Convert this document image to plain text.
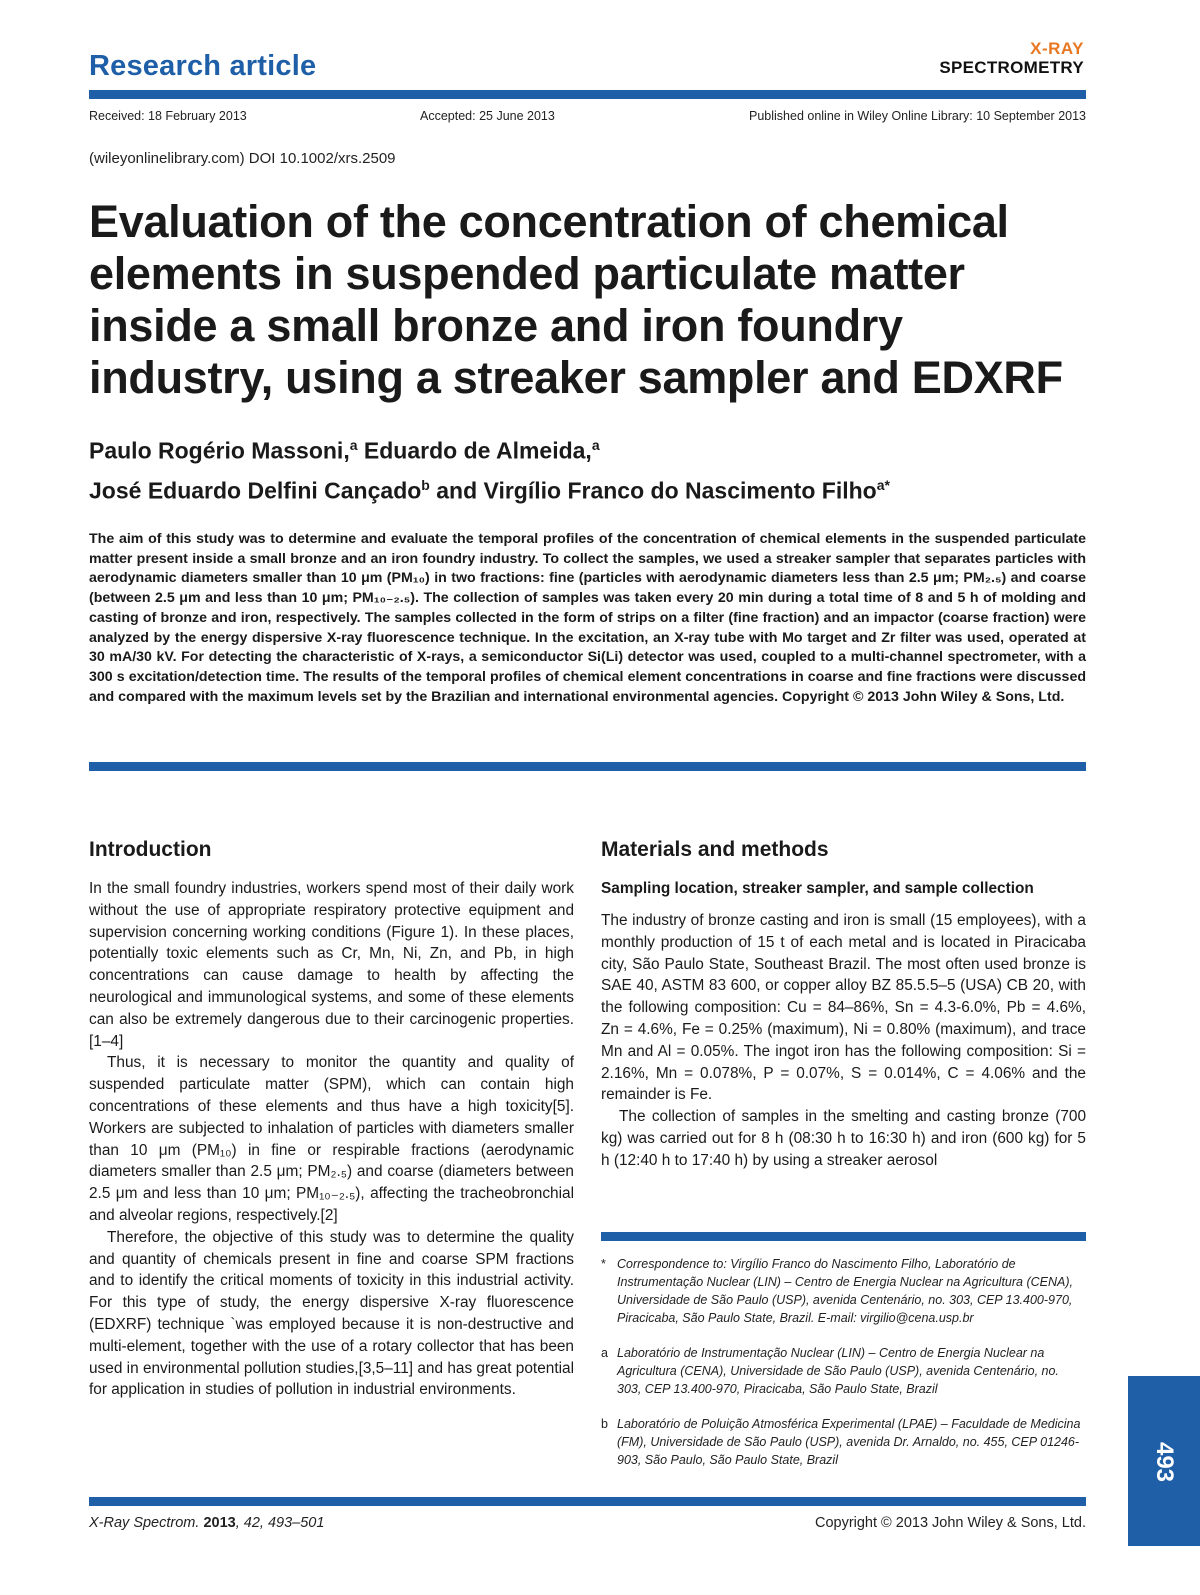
Research article
X-RAY
SPECTROMETRY
Received: 18 February 2013	Accepted: 25 June 2013	Published online in Wiley Online Library: 10 September 2013
(wileyonlinelibrary.com) DOI 10.1002/xrs.2509
Evaluation of the concentration of chemical elements in suspended particulate matter inside a small bronze and iron foundry industry, using a streaker sampler and EDXRF
Paulo Rogério Massoni,$^a$ Eduardo de Almeida,$^a$
José Eduardo Delfini Cançado$^b$ and Virgílio Franco do Nascimento Filho$^{a*}$
The aim of this study was to determine and evaluate the temporal profiles of the concentration of chemical elements in the suspended particulate matter present inside a small bronze and an iron foundry industry. To collect the samples, we used a streaker sampler that separates particles with aerodynamic diameters smaller than 10 μm (PM₁₀) in two fractions: fine (particles with aerodynamic diameters less than 2.5 μm; PM₂.₅) and coarse (between 2.5 μm and less than 10 μm; PM₁₀₋₂.₅). The collection of samples was taken every 20 min during a total time of 8 and 5 h of molding and casting of bronze and iron, respectively. The samples collected in the form of strips on a filter (fine fraction) and an impactor (coarse fraction) were analyzed by the energy dispersive X-ray fluorescence technique. In the excitation, an X-ray tube with Mo target and Zr filter was used, operated at 30 mA/30 kV. For detecting the characteristic of X-rays, a semiconductor Si(Li) detector was used, coupled to a multi-channel spectrometer, with a 300 s excitation/detection time. The results of the temporal profiles of chemical element concentrations in coarse and fine fractions were discussed and compared with the maximum levels set by the Brazilian and international environmental agencies. Copyright © 2013 John Wiley & Sons, Ltd.
Introduction

In the small foundry industries, workers spend most of their daily work without the use of appropriate respiratory protective equipment and supervision concerning working conditions (Figure 1). In these places, potentially toxic elements such as Cr, Mn, Ni, Zn, and Pb, in high concentrations can cause damage to health by affecting the neurological and immunological systems, and some of these elements can also be extremely dangerous due to their carcinogenic properties.[1–4]

Thus, it is necessary to monitor the quantity and quality of suspended particulate matter (SPM), which can contain high concentrations of these elements and thus have a high toxicity[5]. Workers are subjected to inhalation of particles with diameters smaller than 10 μm (PM₁₀) in fine or respirable fractions (aerodynamic diameters smaller than 2.5 μm; PM₂.₅) and coarse (diameters between 2.5 μm and less than 10 μm; PM₁₀₋₂.₅), affecting the tracheobronchial and alveolar regions, respectively.[2]

Therefore, the objective of this study was to determine the quality and quantity of chemicals present in fine and coarse SPM fractions and to identify the critical moments of toxicity in this industrial activity. For this type of study, the energy dispersive X-ray fluorescence (EDXRF) technique `was employed because it is non-destructive and multi-element, together with the use of a rotary collector that has been used in environmental pollution studies,[3,5–11] and has great potential for application in studies of pollution in industrial environments.

Materials and methods
Sampling location, streaker sampler, and sample collection

The industry of bronze casting and iron is small (15 employees), with a monthly production of 15 t of each metal and is located in Piracicaba city, São Paulo State, Southeast Brazil. The most often used bronze is SAE 40, ASTM 83 600, or copper alloy BZ 85.5.5–5 (USA) CB 20, with the following composition: Cu = 84–86%, Sn = 4.3-6.0%, Pb = 4.6%, Zn = 4.6%, Fe = 0.25% (maximum), Ni = 0.80% (maximum), and trace Mn and Al = 0.05%. The ingot iron has the following composition: Si = 2.16%, Mn = 0.078%, P = 0.07%, S = 0.014%, C = 4.06% and the remainder is Fe.

The collection of samples in the smelting and casting bronze (700 kg) was carried out for 8 h (08:30 h to 16:30 h) and iron (600 kg) for 5 h (12:40 h to 17:40 h) by using a streaker aerosol

* Correspondence to: Virgílio Franco do Nascimento Filho, Laboratório de Instrumentação Nuclear (LIN) – Centro de Energia Nuclear na Agricultura (CENA), Universidade de São Paulo (USP), avenida Centenário, no. 303, CEP 13.400-970, Piracicaba, São Paulo State, Brazil. E-mail: virgilio@cena.usp.br
a Laboratório de Instrumentação Nuclear (LIN) – Centro de Energia Nuclear na Agricultura (CENA), Universidade de São Paulo (USP), avenida Centenário, no. 303, CEP 13.400-970, Piracicaba, São Paulo State, Brazil
b Laboratório de Poluição Atmosférica Experimental (LPAE) – Faculdade de Medicina (FM), Universidade de São Paulo (USP), avenida Dr. Arnaldo, no. 455, CEP 01246-903, São Paulo, São Paulo State, Brazil
X-Ray Spectrom. 2013, 42, 493–501	Copyright © 2013 John Wiley & Sons, Ltd.
493
